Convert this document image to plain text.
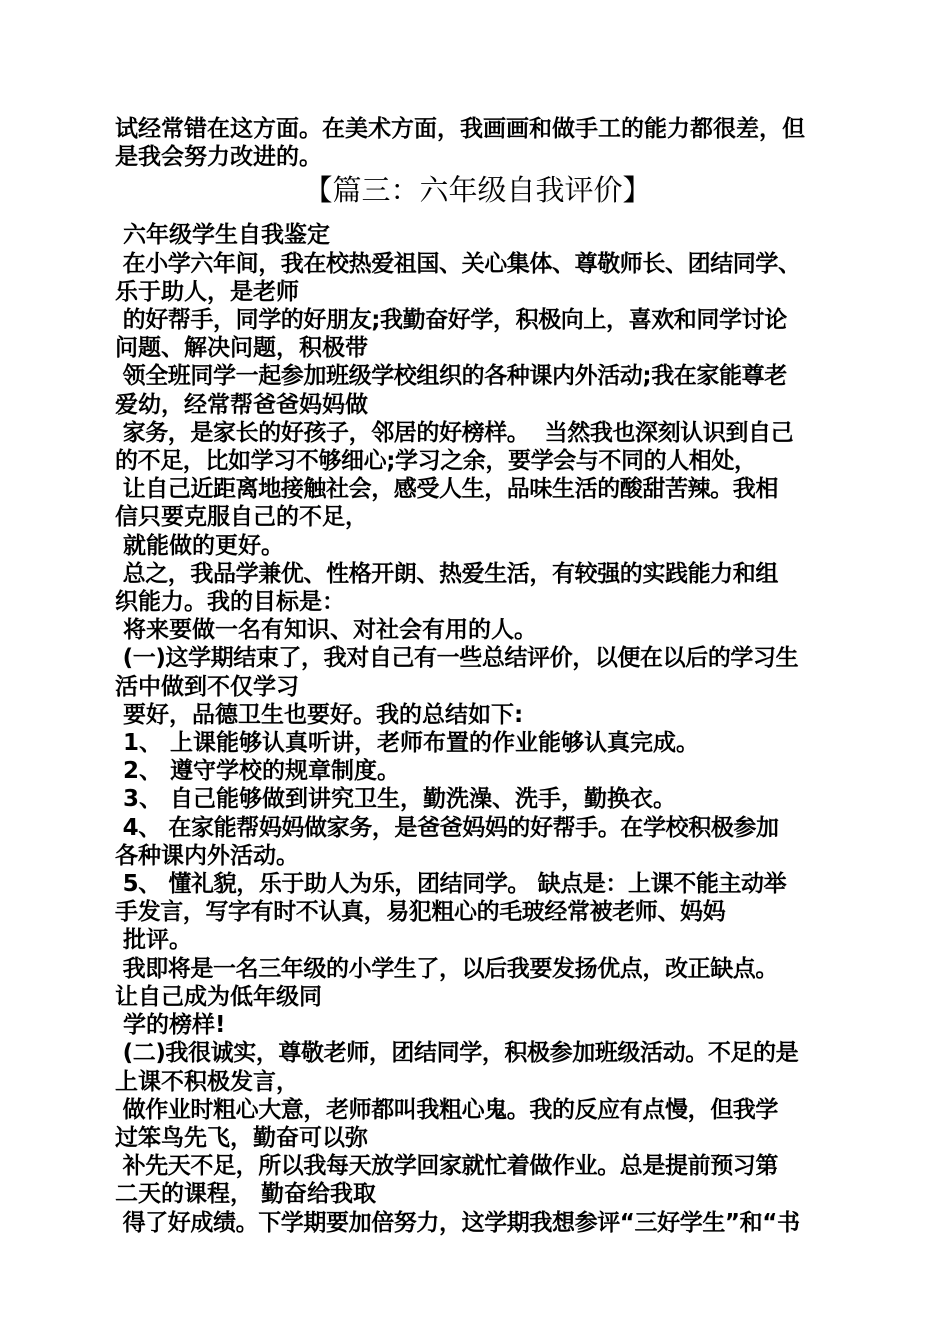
试经常错在这方面。在美术方面，我画画和做手工的能力都很差，但

是我会努力改进的。

【篇三：六年级自我评价】

六年级学生自我鉴定

在小学六年间，我在校热爱祖国、关心集体、尊敬师长、团结同学、

乐于助人，是老师

的好帮手，同学的好朋友;我勤奋好学，积极向上，喜欢和同学讨论

问题、解决问题，积极带

领全班同学一起参加班级学校组织的各种课内外活动;我在家能尊老

爱幼，经常帮爸爸妈妈做

家务，是家长的好孩子，邻居的好榜样。  当然我也深刻认识到自己

的不足，比如学习不够细心;学习之余，要学会与不同的人相处，

让自己近距离地接触社会，感受人生，品味生活的酸甜苦辣。我相

信只要克服自己的不足，

就能做的更好。

总之，我品学兼优、性格开朗、热爱生活，有较强的实践能力和组

织能力。我的目标是：

将来要做一名有知识、对社会有用的人。

(一)这学期结束了，我对自己有一些总结评价，以便在以后的学习生

活中做到不仅学习

要好，品德卫生也要好。我的总结如下:

1、 上课能够认真听讲，老师布置的作业能够认真完成。

2、 遵守学校的规章制度。

3、 自己能够做到讲究卫生，勤洗澡、洗手，勤换衣。

4、 在家能帮妈妈做家务，是爸爸妈妈的好帮手。在学校积极参加

各种课内外活动。

5、 懂礼貌，乐于助人为乐，团结同学。 缺点是：上课不能主动举

手发言，写字有时不认真，易犯粗心的毛玻经常被老师、妈妈

批评。

我即将是一名三年级的小学生了，以后我要发扬优点，改正缺点。

让自己成为低年级同

学的榜样!

(二)我很诚实，尊敬老师，团结同学，积极参加班级活动。不足的是

上课不积极发言，

做作业时粗心大意，老师都叫我粗心鬼。我的反应有点慢，但我学

过笨鸟先飞，勤奋可以弥

补先天不足，所以我每天放学回家就忙着做作业。总是提前预习第

二天的课程， 勤奋给我取

得了好成绩。下学期要加倍努力，这学期我想参评“三好学生”和“书
